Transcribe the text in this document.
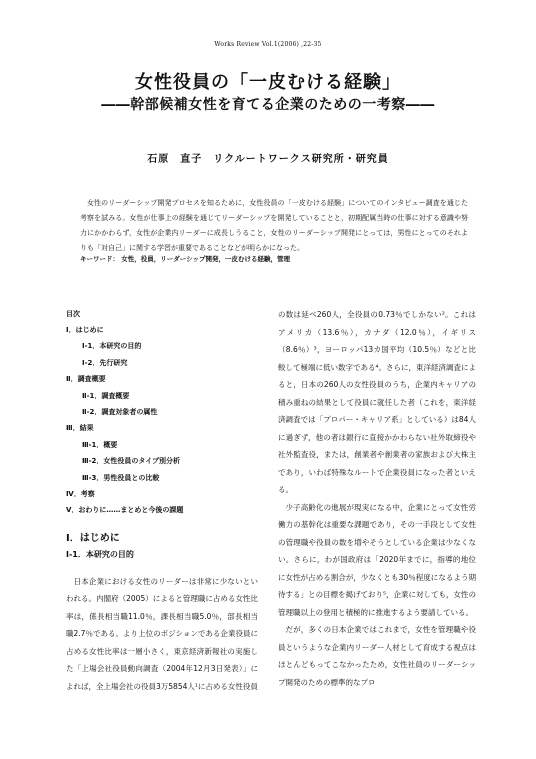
Works Review Vol.1(2006) ,22-35
女性役員の「一皮むける経験」
――幹部候補女性を育てる企業のための一考察――
石原　直子　リクルートワークス研究所・研究員

女性のリーダーシップ開発プロセスを知るために，女性役員の「一皮むける経験」についてのインタビュー調査を通じた考察を試みる。女性が仕事上の経験を通じてリーダーシップを開発していることと，初期配属当時の仕事に対する意識や努力にかかわらず，女性が企業内リーダーに成長しうること，女性のリーダーシップ開発にとっては，男性にとってのそれよりも「対自己」に関する学習が重要であることなどが明らかになった。

キーワード： 女性，役員，リーダーシップ開発，一皮むける経験，管理
目次
Ⅰ．はじめに
Ⅰ-1．本研究の目的
Ⅰ-2．先行研究
Ⅱ．調査概要
Ⅱ-1．調査概要
Ⅱ-2．調査対象者の属性
Ⅲ．結果
Ⅲ-1．概要
Ⅲ-2．女性役員のタイプ別分析
Ⅲ-3．男性役員との比較
Ⅳ．考察
Ⅴ．おわりに……まとめと今後の課題
Ⅰ．はじめに
Ⅰ-1．本研究の目的

日本企業における女性のリーダーは非常に少ないといわれる。内閣府（2005）によると管理職に占める女性比率は，係長相当職11.0％，課長相当職5.0％，部長相当職2.7％である。より上位のポジションである企業役員に占める女性比率は一層小さく，東京経済新報社の実施した「上場会社役員動向調査（2004年12月3日発表）」によれば，全上場会社の役員3万5854人¹に占める女性役員

の数は延べ260人，全役員の0.73％でしかない²。これはアメリカ（13.6％），カナダ（12.0％），イギリス（8.6％）³，ヨーロッパ13カ国平均（10.5％）などと比較して極端に低い数字である⁴。さらに，東洋経済調査によると，日本の260人の女性役員のうち，企業内キャリアの積み重ねの結果として役員に就任した者（これを，東洋経済調査では「プロパー・キャリア系」としている）は84人に過ぎず，他の者は銀行に直接かかわらない社外取締役や社外監査役，または，創業者や創業者の家族および大株主であり，いわば特殊なルートで企業役員になった者といえる。

少子高齢化の進展が現実になる中，企業にとって女性労働力の基幹化は重要な課題であり，その一手段として女性の管理職や役員の数を増やそうとしている企業は少なくない。さらに，わが国政府は「2020年までに，指導的地位に女性が占める割合が，少なくとも30％程度になるよう期待する」との目標を掲げており⁵，企業に対しても，女性の管理職以上の登用と積極的に推進するよう要請している。

だが，多くの日本企業ではこれまで，女性を管理職や役員というような企業内リーダー人材として育成する視点はほとんどもってこなかったため，女性社員のリーダーシップ開発のための標準的なプロ
